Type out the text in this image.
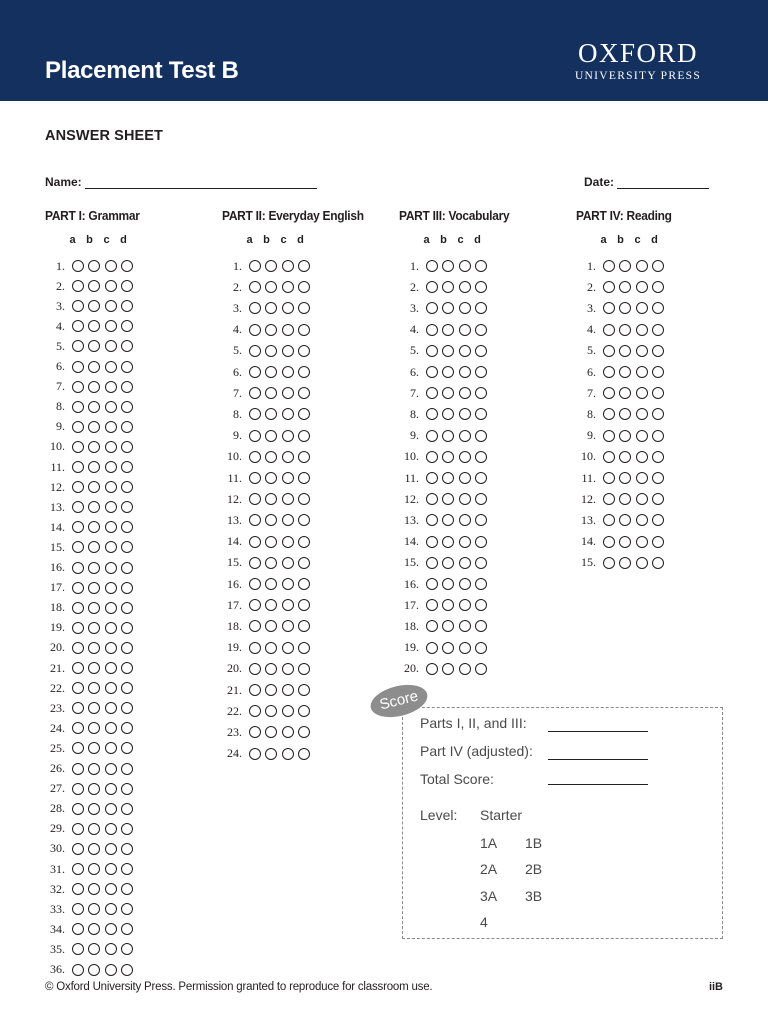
Placement Test B
OXFORD
UNIVERSITY PRESS
ANSWER SHEET
Name:	Date:
PART I: Grammar
a b c d
1.
2.
3.
4.
5.
6.
7.
8.
9.
10.
11.
12.
13.
14.
15.
16.
17.
18.
19.
20.
21.
22.
23.
24.
25.
26.
27.
28.
29.
30.
31.
32.
33.
34.
35.
36.
PART II: Everyday English
a b c d
1.
2.
3.
4.
5.
6.
7.
8.
9.
10.
11.
12.
13.
14.
15.
16.
17.
18.
19.
20.
21.
22.
23.
24.
PART III: Vocabulary
a b c d
1.
2.
3.
4.
5.
6.
7.
8.
9.
10.
11.
12.
13.
14.
15.
16.
17.
18.
19.
20.
PART IV: Reading
a b c d
1.
2.
3.
4.
5.
6.
7.
8.
9.
10.
11.
12.
13.
14.
15.
Score
Parts I, II, and III:
Part IV (adjusted):
Total Score:
Level: Starter
1A 1B
2A 2B
3A 3B
4
© Oxford University Press. Permission granted to reproduce for classroom use.	iiB
